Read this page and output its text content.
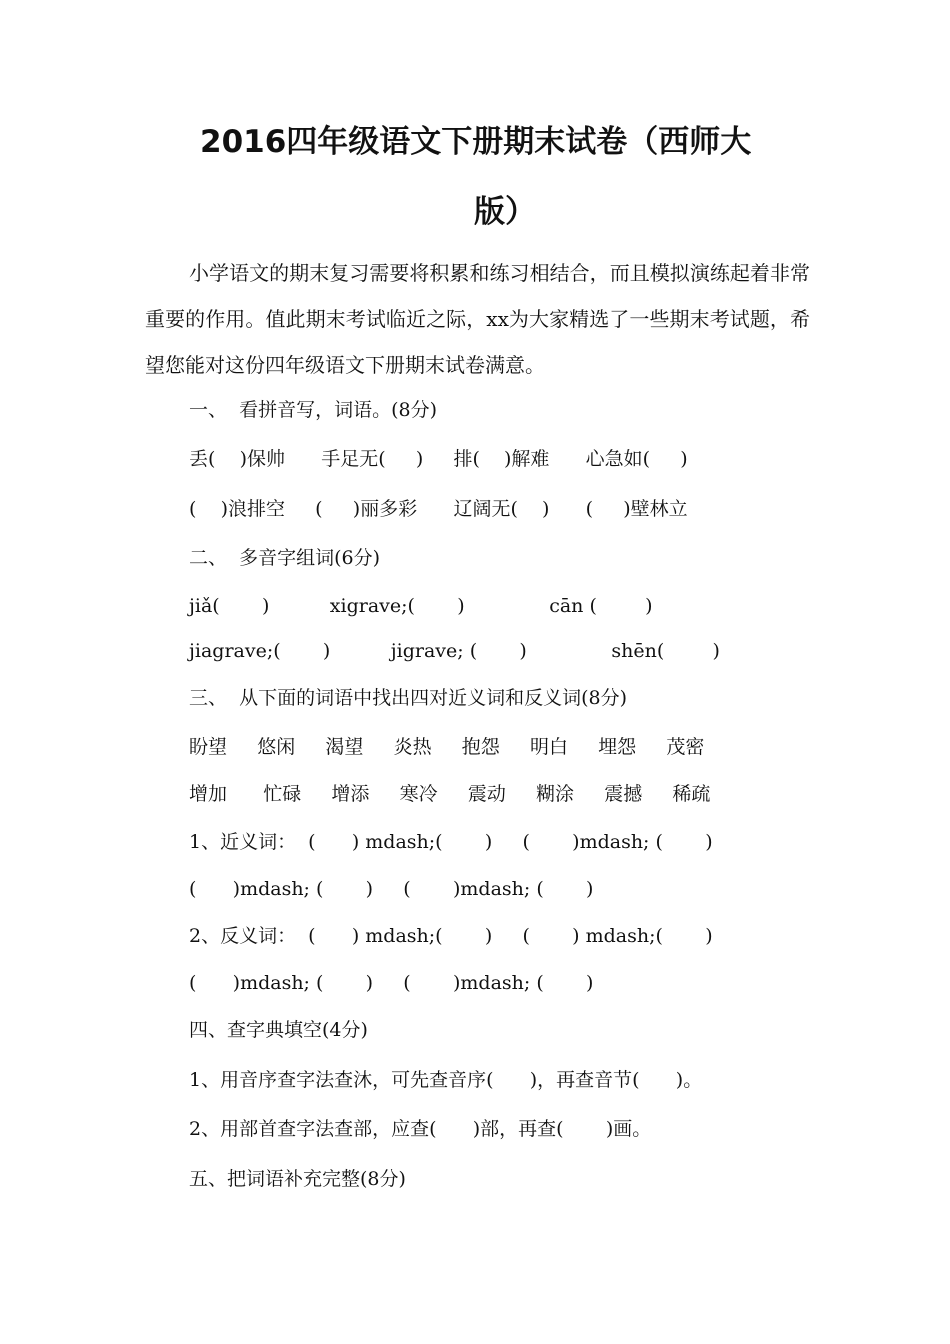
2016四年级语文下册期末试卷（西师大
版）

小学语文的期末复习需要将积累和练习相结合，而且模拟演练起着非常重要的作用。值此期末考试临近之际，xx为大家精选了一些期末考试题，希望您能对这份四年级语文下册期末试卷满意。

一、  看拼音写，词语。(8分)

丢(    )保帅      手足无(     )     排(    )解难      心急如(     )

(    )浪排空     (     )丽多彩      辽阔无(    )      (     )壁林立

二、  多音字组词(6分)

jiǎ(       )          xigrave;(       )              cān (        )

jiagrave;(       )          jigrave; (       )              shēn(        )

三、  从下面的词语中找出四对近义词和反义词(8分)

盼望     悠闲     渴望     炎热     抱怨     明白     埋怨     茂密

增加      忙碌     增添     寒冷     震动     糊涂     震撼     稀疏

1、近义词：  (      ) mdash;(       )     (       )mdash; (       )

(      )mdash; (       )     (       )mdash; (       )

2、反义词：  (      ) mdash;(       )     (       ) mdash;(       )

(      )mdash; (       )     (       )mdash; (       )

四、查字典填空(4分)

1、用音序查字法查沐，可先查音序(      )，再查音节(      )。

2、用部首查字法查部，应查(      )部，再查(       )画。

五、把词语补充完整(8分)
